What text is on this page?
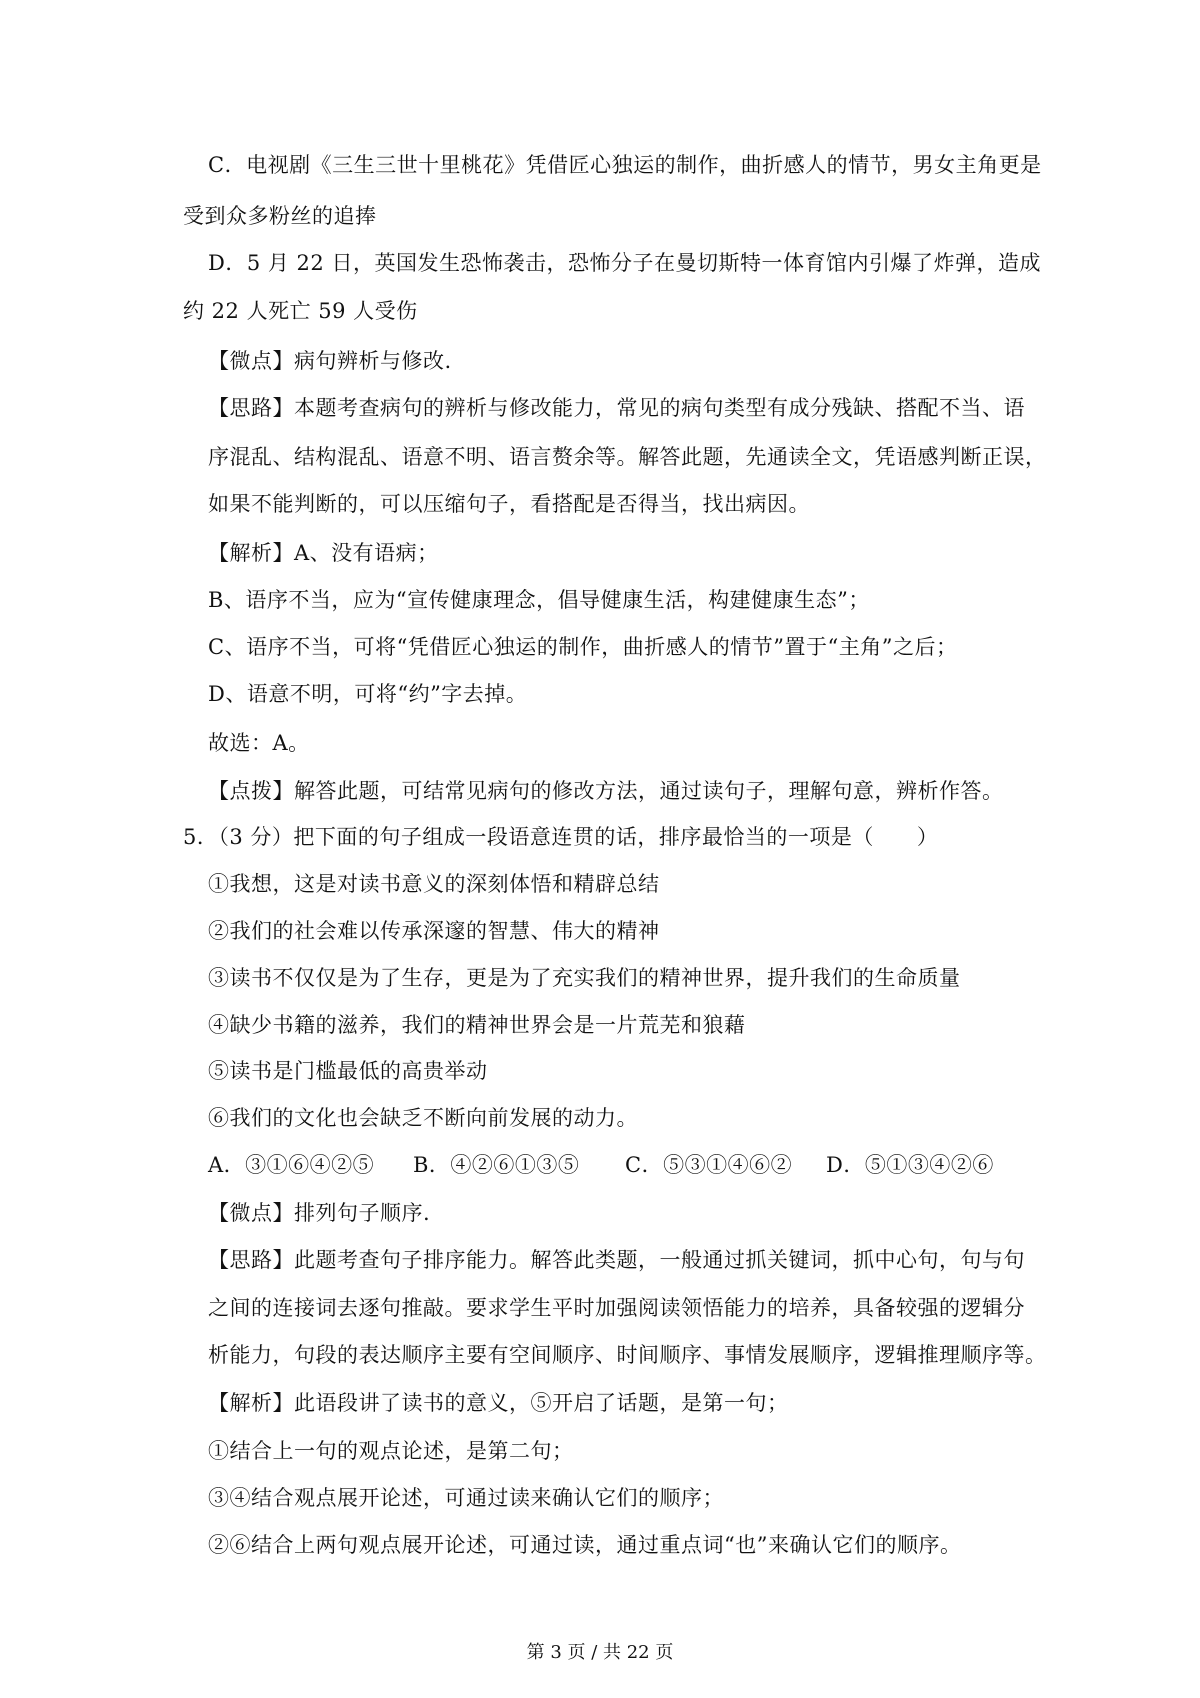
C．电视剧《三生三世十里桃花》凭借匠心独运的制作，曲折感人的情节，男女主角更是
受到众多粉丝的追捧
D．5 月 22 日，英国发生恐怖袭击，恐怖分子在曼切斯特一体育馆内引爆了炸弹，造成
约 22 人死亡 59 人受伤
【微点】病句辨析与修改.
【思路】本题考查病句的辨析与修改能力，常见的病句类型有成分残缺、搭配不当、语
序混乱、结构混乱、语意不明、语言赘余等。解答此题，先通读全文，凭语感判断正误，
如果不能判断的，可以压缩句子，看搭配是否得当，找出病因。
【解析】A、没有语病；
B、语序不当，应为“宣传健康理念，倡导健康生活，构建健康生态”；
C、语序不当，可将“凭借匠心独运的制作，曲折感人的情节”置于“主角”之后；
D、语意不明，可将“约”字去掉。
故选：A。
【点拨】解答此题，可结常见病句的修改方法，通过读句子，理解句意，辨析作答。
5．（3 分）把下面的句子组成一段语意连贯的话，排序最恰当的一项是（　　）
①我想，这是对读书意义的深刻体悟和精辟总结
②我们的社会难以传承深邃的智慧、伟大的精神
③读书不仅仅是为了生存，更是为了充实我们的精神世界，提升我们的生命质量
④缺少书籍的滋养，我们的精神世界会是一片荒芜和狼藉
⑤读书是门槛最低的高贵举动
⑥我们的文化也会缺乏不断向前发展的动力。
A．③①⑥④②⑤ B．④②⑥①③⑤ C．⑤③①④⑥② D．⑤①③④②⑥
【微点】排列句子顺序.
【思路】此题考查句子排序能力。解答此类题，一般通过抓关键词，抓中心句，句与句
之间的连接词去逐句推敲。要求学生平时加强阅读领悟能力的培养，具备较强的逻辑分
析能力，句段的表达顺序主要有空间顺序、时间顺序、事情发展顺序，逻辑推理顺序等。
【解析】此语段讲了读书的意义，⑤开启了话题，是第一句；
①结合上一句的观点论述，是第二句；
③④结合观点展开论述，可通过读来确认它们的顺序；
②⑥结合上两句观点展开论述，可通过读，通过重点词“也”来确认它们的顺序。
第 3 页 / 共 22 页
